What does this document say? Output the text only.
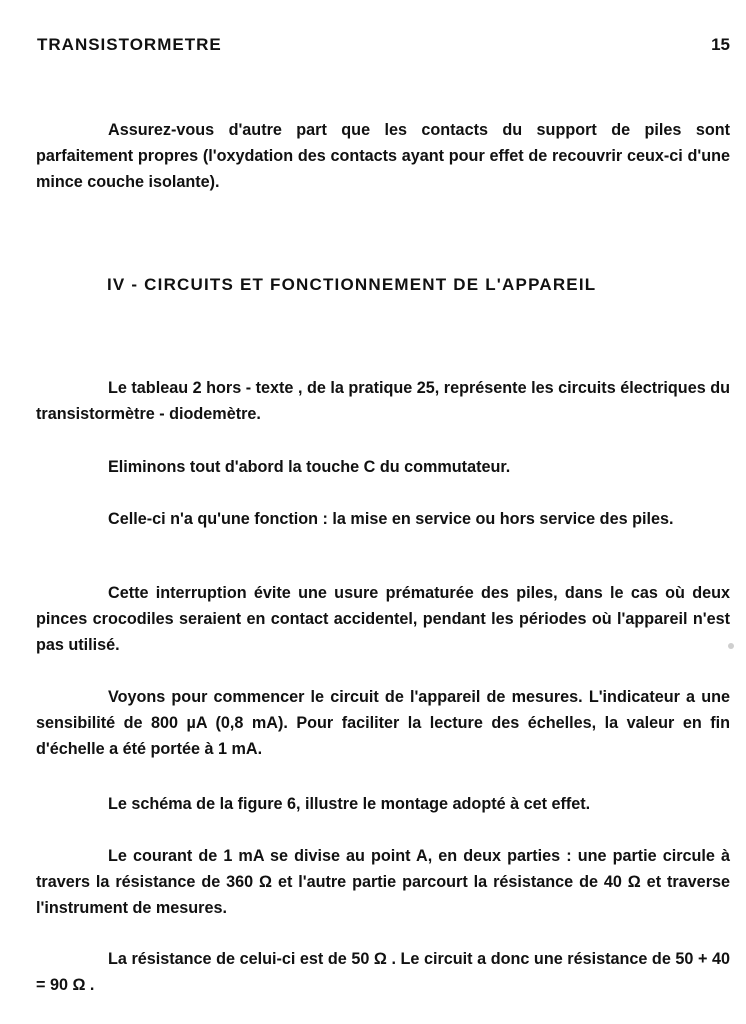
TRANSISTORMETRE	15
Assurez-vous d'autre part que les contacts du support de piles sont parfaitement propres (l'oxydation des contacts ayant pour effet de recouvrir ceux-ci d'une mince couche isolante).
IV - CIRCUITS ET FONCTIONNEMENT DE L'APPAREIL
Le tableau 2 hors - texte , de la pratique 25, représente les circuits électriques du transistormètre - diodemètre.
Eliminons tout d'abord la touche C du commutateur.
Celle-ci n'a qu'une fonction : la mise en service ou hors service des piles.
Cette interruption évite une usure prématurée des piles, dans le cas où deux pinces crocodiles seraient en contact accidentel, pendant les périodes où l'appareil n'est pas utilisé.
Voyons pour commencer le circuit de l'appareil de mesures. L'indicateur a une sensibilité de 800 µA (0,8 mA). Pour faciliter la lecture des échelles, la valeur en fin d'échelle a été portée à 1 mA.
Le schéma de la figure 6, illustre le montage adopté à cet effet.
Le courant de 1 mA se divise au point A, en deux parties : une partie circule à travers la résistance de 360 Ω et l'autre partie parcourt la résistance de 40 Ω et traverse l'instrument de mesures.
La résistance de celui-ci est de 50 Ω . Le circuit a donc une résistance de 50 + 40 = 90 Ω .
